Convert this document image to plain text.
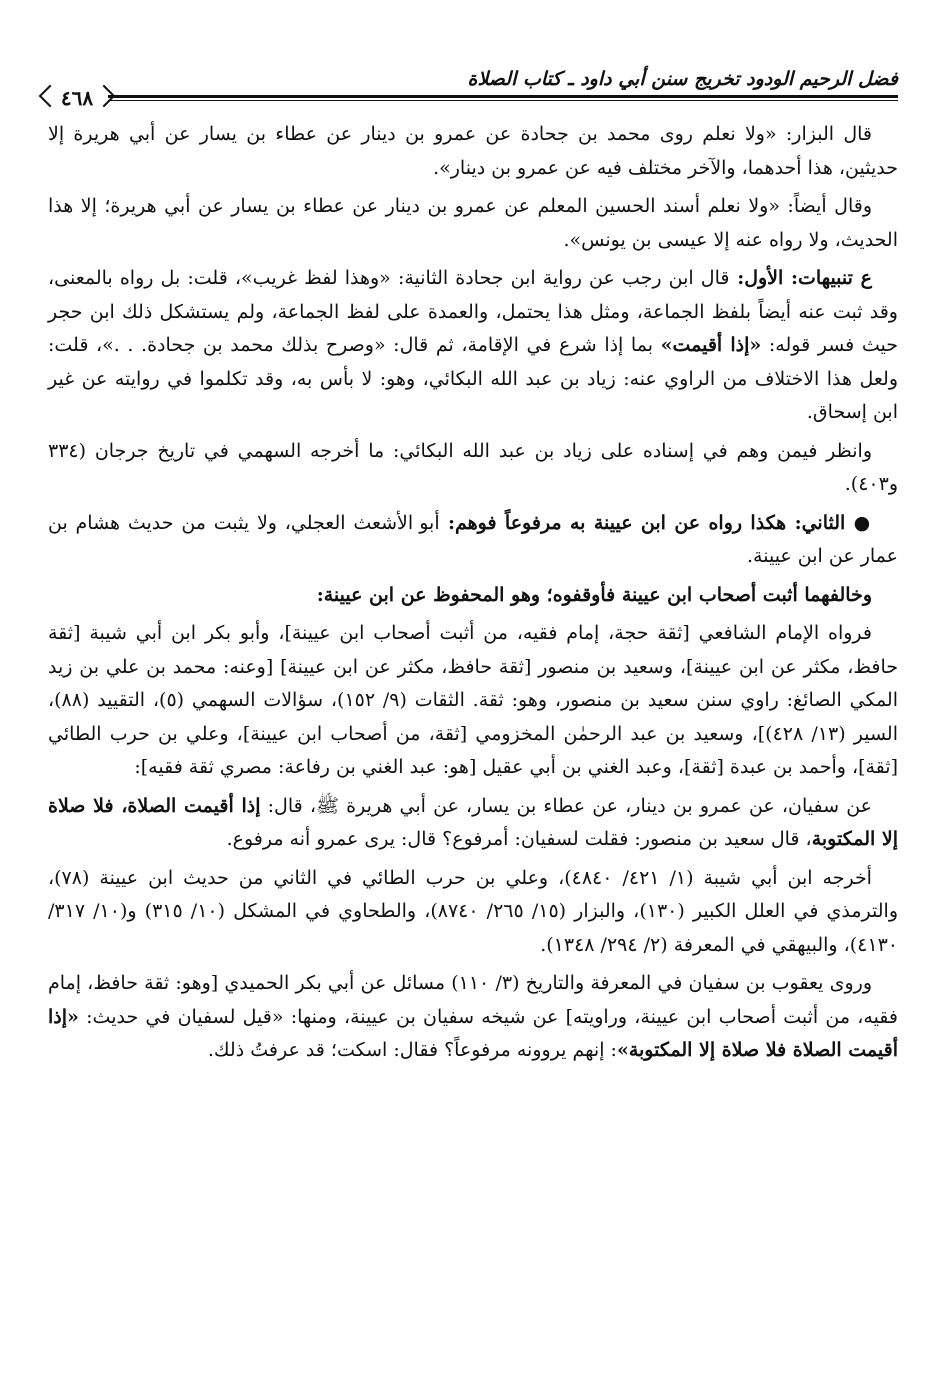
فضل الرحيم الودود تخريج سنن أبي داود ـ كتاب الصلاة
٤٦٨

قال البزار: «ولا نعلم روى محمد بن جحادة عن عمرو بن دينار عن عطاء بن يسار عن أبي هريرة إلا حديثين، هذا أحدهما، والآخر مختلف فيه عن عمرو بن دينار».

وقال أيضاً: «ولا نعلم أسند الحسين المعلم عن عمرو بن دينار عن عطاء بن يسار عن أبي هريرة؛ إلا هذا الحديث، ولا رواه عنه إلا عيسى بن يونس».

ع تنبيهات: الأول: قال ابن رجب عن رواية ابن جحادة الثانية: «وهذا لفظ غريب»، قلت: بل رواه بالمعنى، وقد ثبت عنه أيضاً بلفظ الجماعة، ومثل هذا يحتمل، والعمدة على لفظ الجماعة، ولم يستشكل ذلك ابن حجر حيث فسر قوله: «إذا أقيمت» بما إذا شرع في الإقامة، ثم قال: «وصرح بذلك محمد بن جحادة. . .»، قلت: ولعل هذا الاختلاف من الراوي عنه: زياد بن عبد الله البكائي، وهو: لا بأس به، وقد تكلموا في روايته عن غير ابن إسحاق.

وانظر فيمن وهم في إسناده على زياد بن عبد الله البكائي: ما أخرجه السهمي في تاريخ جرجان (٣٣٤ و٤٠٣).

● الثاني: هكذا رواه عن ابن عيينة به مرفوعاً فوهم: أبو الأشعث العجلي، ولا يثبت من حديث هشام بن عمار عن ابن عيينة.

وخالفهما أثبت أصحاب ابن عيينة فأوقفوه؛ وهو المحفوظ عن ابن عيينة:

فرواه الإمام الشافعي [ثقة حجة، إمام فقيه، من أثبت أصحاب ابن عيينة]، وأبو بكر ابن أبي شيبة [ثقة حافظ، مكثر عن ابن عيينة]، وسعيد بن منصور [ثقة حافظ، مكثر عن ابن عيينة] [وعنه: محمد بن علي بن زيد المكي الصائغ: راوي سنن سعيد بن منصور، وهو: ثقة. الثقات (٩/ ١٥٢)، سؤالات السهمي (٥)، التقييد (٨٨)، السير (١٣/ ٤٢٨)]، وسعيد بن عبد الرحمٰن المخزومي [ثقة، من أصحاب ابن عيينة]، وعلي بن حرب الطائي [ثقة]، وأحمد بن عبدة [ثقة]، وعبد الغني بن أبي عقيل [هو: عبد الغني بن رفاعة: مصري ثقة فقيه]:

عن سفيان، عن عمرو بن دينار، عن عطاء بن يسار، عن أبي هريرة ﷺ، قال: إذا أقيمت الصلاة، فلا صلاة إلا المكتوبة، قال سعيد بن منصور: فقلت لسفيان: أمرفوع؟ قال: يرى عمرو أنه مرفوع.

أخرجه ابن أبي شيبة (١/ ٤٢١/ ٤٨٤٠)، وعلي بن حرب الطائي في الثاني من حديث ابن عيينة (٧٨)، والترمذي في العلل الكبير (١٣٠)، والبزار (١٥/ ٢٦٥/ ٨٧٤٠)، والطحاوي في المشكل (١٠/ ٣١٥) و(١٠/ ٣١٧/ ٤١٣٠)، والبيهقي في المعرفة (٢/ ٢٩٤/ ١٣٤٨).

وروى يعقوب بن سفيان في المعرفة والتاريخ (٣/ ١١٠) مسائل عن أبي بكر الحميدي [وهو: ثقة حافظ، إمام فقيه، من أثبت أصحاب ابن عيينة، وراويته] عن شيخه سفيان بن عيينة، ومنها: «قيل لسفيان في حديث: «إذا أقيمت الصلاة فلا صلاة إلا المكتوبة»: إنهم يروونه مرفوعاً؟ فقال: اسكت؛ قد عرفتُ ذلك.
